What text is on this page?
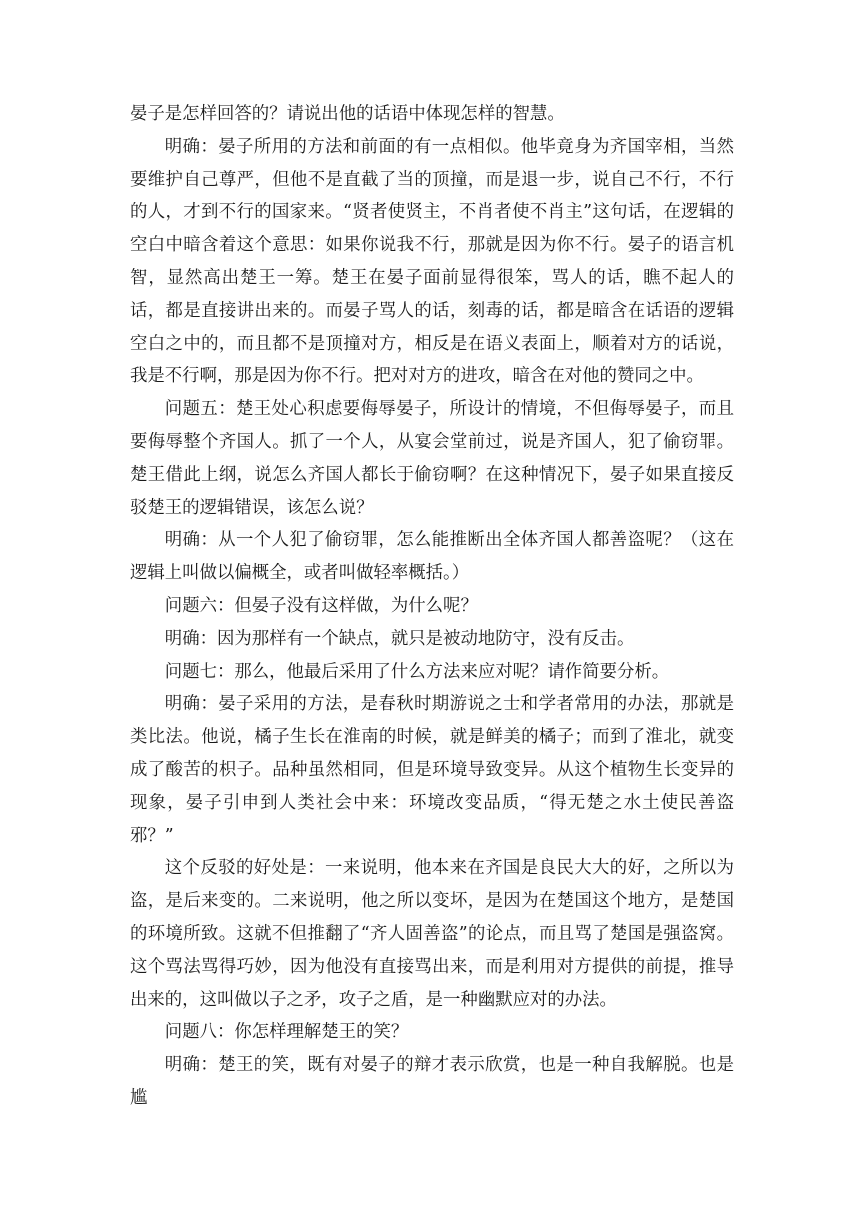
晏子是怎样回答的？请说出他的话语中体现怎样的智慧。

明确：晏子所用的方法和前面的有一点相似。他毕竟身为齐国宰相，当然要维护自己尊严，但他不是直截了当的顶撞，而是退一步，说自己不行，不行的人，才到不行的国家来。“贤者使贤主，不肖者使不肖主”这句话，在逻辑的空白中暗含着这个意思：如果你说我不行，那就是因为你不行。晏子的语言机智，显然高出楚王一筹。楚王在晏子面前显得很笨，骂人的话，瞧不起人的话，都是直接讲出来的。而晏子骂人的话，刻毒的话，都是暗含在话语的逻辑空白之中的，而且都不是顶撞对方，相反是在语义表面上，顺着对方的话说，我是不行啊，那是因为你不行。把对对方的进攻，暗含在对他的赞同之中。

问题五：楚王处心积虑要侮辱晏子，所设计的情境，不但侮辱晏子，而且要侮辱整个齐国人。抓了一个人，从宴会堂前过，说是齐国人，犯了偷窃罪。楚王借此上纲，说怎么齐国人都长于偷窃啊？在这种情况下，晏子如果直接反驳楚王的逻辑错误，该怎么说？

明确：从一个人犯了偷窃罪，怎么能推断出全体齐国人都善盗呢？（这在逻辑上叫做以偏概全，或者叫做轻率概括。）

问题六：但晏子没有这样做，为什么呢？

明确：因为那样有一个缺点，就只是被动地防守，没有反击。

问题七：那么，他最后采用了什么方法来应对呢？请作简要分析。

明确：晏子采用的方法，是春秋时期游说之士和学者常用的办法，那就是类比法。他说，橘子生长在淮南的时候，就是鲜美的橘子；而到了淮北，就变成了酸苦的枳子。品种虽然相同，但是环境导致变异。从这个植物生长变异的现象，晏子引申到人类社会中来：环境改变品质，“得无楚之水土使民善盗邪？”

这个反驳的好处是：一来说明，他本来在齐国是良民大大的好，之所以为盗，是后来变的。二来说明，他之所以变坏，是因为在楚国这个地方，是楚国的环境所致。这就不但推翻了“齐人固善盗”的论点，而且骂了楚国是强盗窝。这个骂法骂得巧妙，因为他没有直接骂出来，而是利用对方提供的前提，推导出来的，这叫做以子之矛，攻子之盾，是一种幽默应对的办法。

问题八：你怎样理解楚王的笑？

明确：楚王的笑，既有对晏子的辩才表示欣赏，也是一种自我解脱。也是尴
